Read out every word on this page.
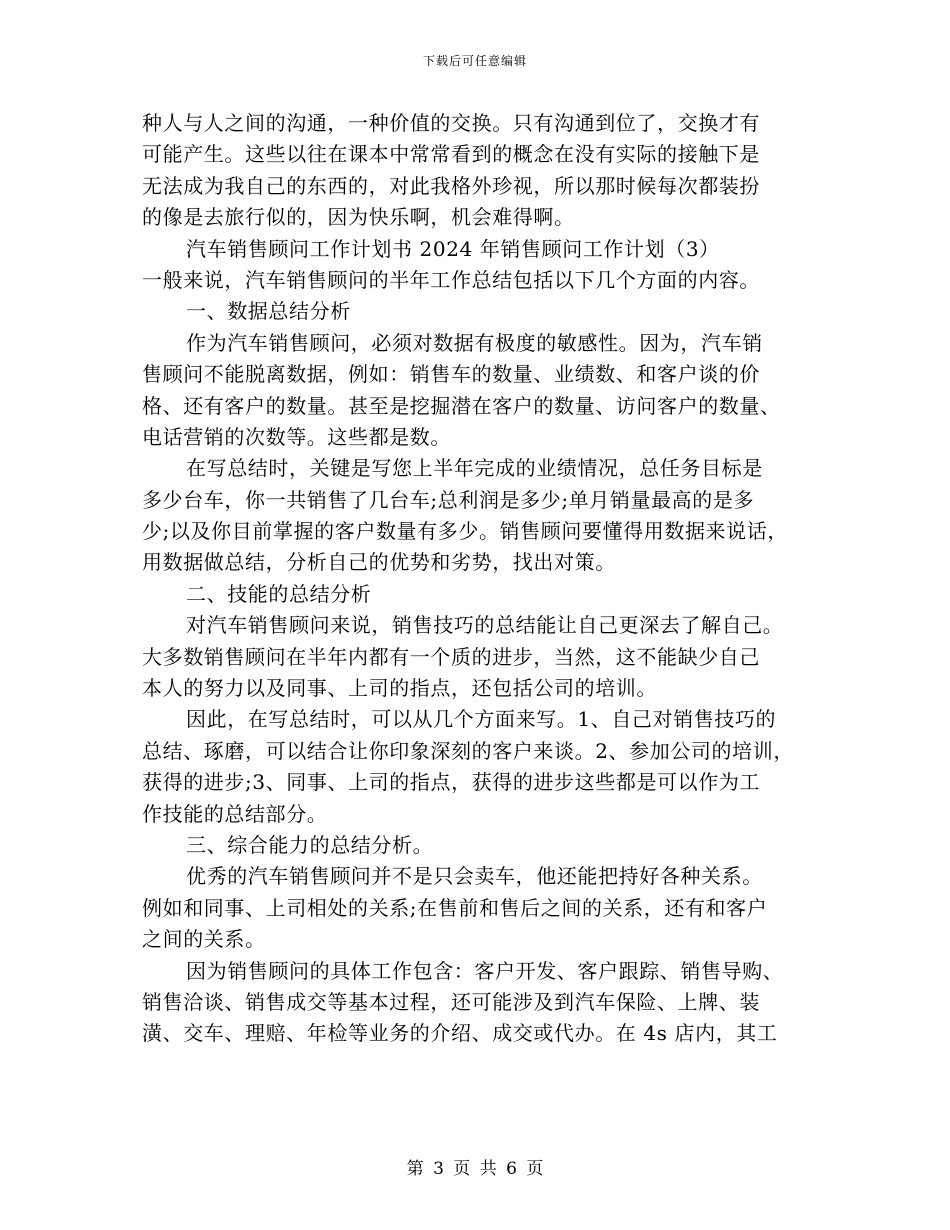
下载后可任意编辑
种人与人之间的沟通，一种价值的交换。只有沟通到位了，交换才有
可能产生。这些以往在课本中常常看到的概念在没有实际的接触下是
无法成为我自己的东西的，对此我格外珍视，所以那时候每次都装扮
的像是去旅行似的，因为快乐啊，机会难得啊。
汽车销售顾问工作计划书 2024 年销售顾问工作计划（3）
一般来说，汽车销售顾问的半年工作总结包括以下几个方面的内容。
一、数据总结分析
作为汽车销售顾问，必须对数据有极度的敏感性。因为，汽车销
售顾问不能脱离数据，例如：销售车的数量、业绩数、和客户谈的价
格、还有客户的数量。甚至是挖掘潜在客户的数量、访问客户的数量、
电话营销的次数等。这些都是数。
在写总结时，关键是写您上半年完成的业绩情况，总任务目标是
多少台车，你一共销售了几台车;总利润是多少;单月销量最高的是多
少;以及你目前掌握的客户数量有多少。销售顾问要懂得用数据来说话，
用数据做总结，分析自己的优势和劣势，找出对策。
二、技能的总结分析
对汽车销售顾问来说，销售技巧的总结能让自己更深去了解自己。
大多数销售顾问在半年内都有一个质的进步，当然，这不能缺少自己
本人的努力以及同事、上司的指点，还包括公司的培训。
因此，在写总结时，可以从几个方面来写。1、自己对销售技巧的
总结、琢磨，可以结合让你印象深刻的客户来谈。2、参加公司的培训，
获得的进步;3、同事、上司的指点，获得的进步这些都是可以作为工
作技能的总结部分。
三、综合能力的总结分析。
优秀的汽车销售顾问并不是只会卖车，他还能把持好各种关系。
例如和同事、上司相处的关系;在售前和售后之间的关系，还有和客户
之间的关系。
因为销售顾问的具体工作包含：客户开发、客户跟踪、销售导购、
销售洽谈、销售成交等基本过程，还可能涉及到汽车保险、上牌、装
潢、交车、理赔、年检等业务的介绍、成交或代办。在 4s 店内，其工
第 3 页 共 6 页
